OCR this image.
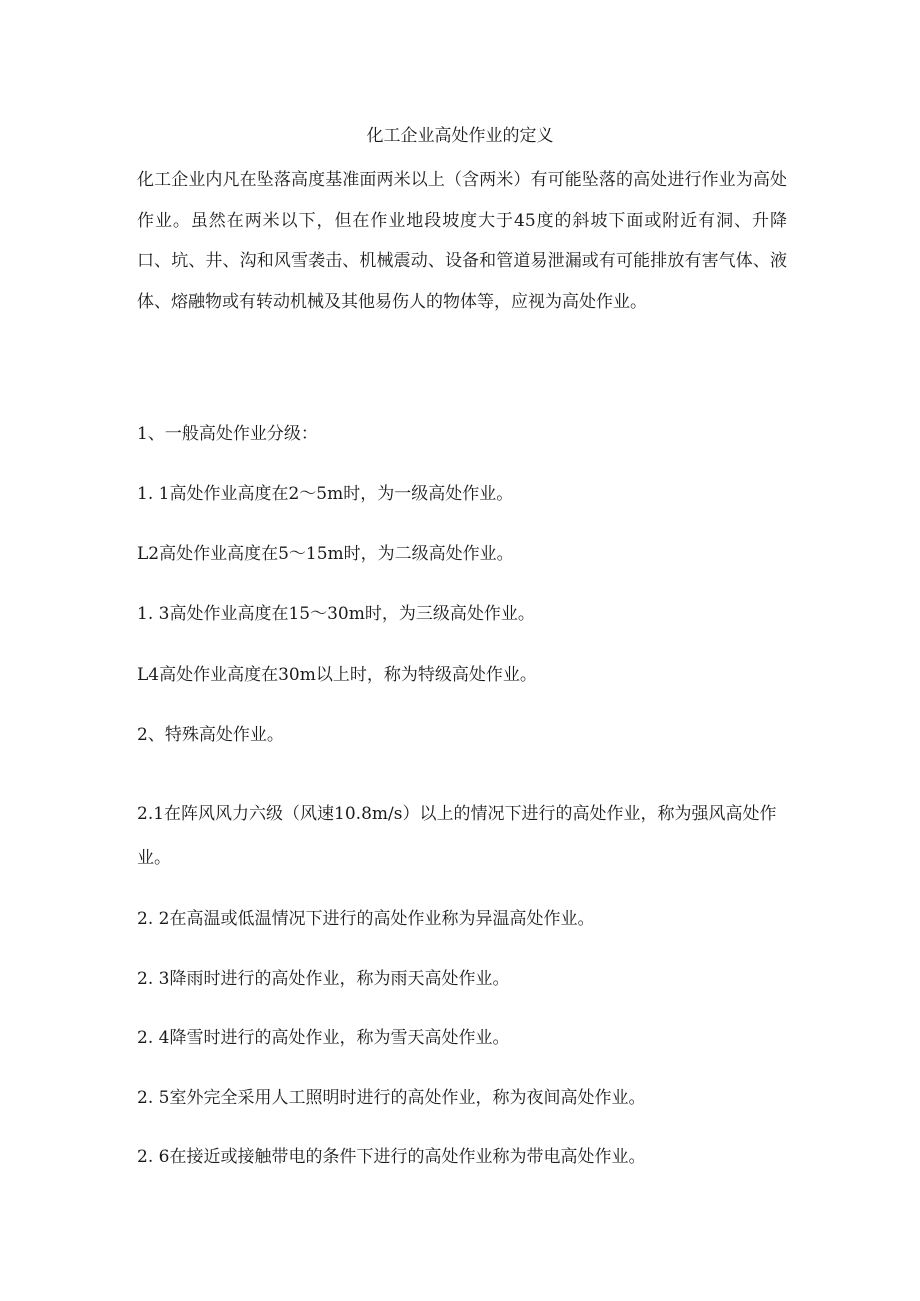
化工企业高处作业的定义
化工企业内凡在坠落高度基准面两米以上（含两米）有可能坠落的高处进行作业为高处作业。虽然在两米以下，但在作业地段坡度大于45度的斜坡下面或附近有洞、升降口、坑、井、沟和风雪袭击、机械震动、设备和管道易泄漏或有可能排放有害气体、液体、熔融物或有转动机械及其他易伤人的物体等，应视为高处作业。
1、一般高处作业分级：
1. 1高处作业高度在2～5m时，为一级高处作业。
L2高处作业高度在5～15m时，为二级高处作业。
1. 3高处作业高度在15～30m时，为三级高处作业。
L4高处作业高度在30m以上时，称为特级高处作业。
2、特殊高处作业。
2.1在阵风风力六级（风速10.8m∕s）以上的情况下进行的高处作业，称为强风高处作业。
2. 2在高温或低温情况下进行的高处作业称为异温高处作业。
2. 3降雨时进行的高处作业，称为雨天高处作业。
2. 4降雪时进行的高处作业，称为雪天高处作业。
2. 5室外完全采用人工照明时进行的高处作业，称为夜间高处作业。
2. 6在接近或接触带电的条件下进行的高处作业称为带电高处作业。
